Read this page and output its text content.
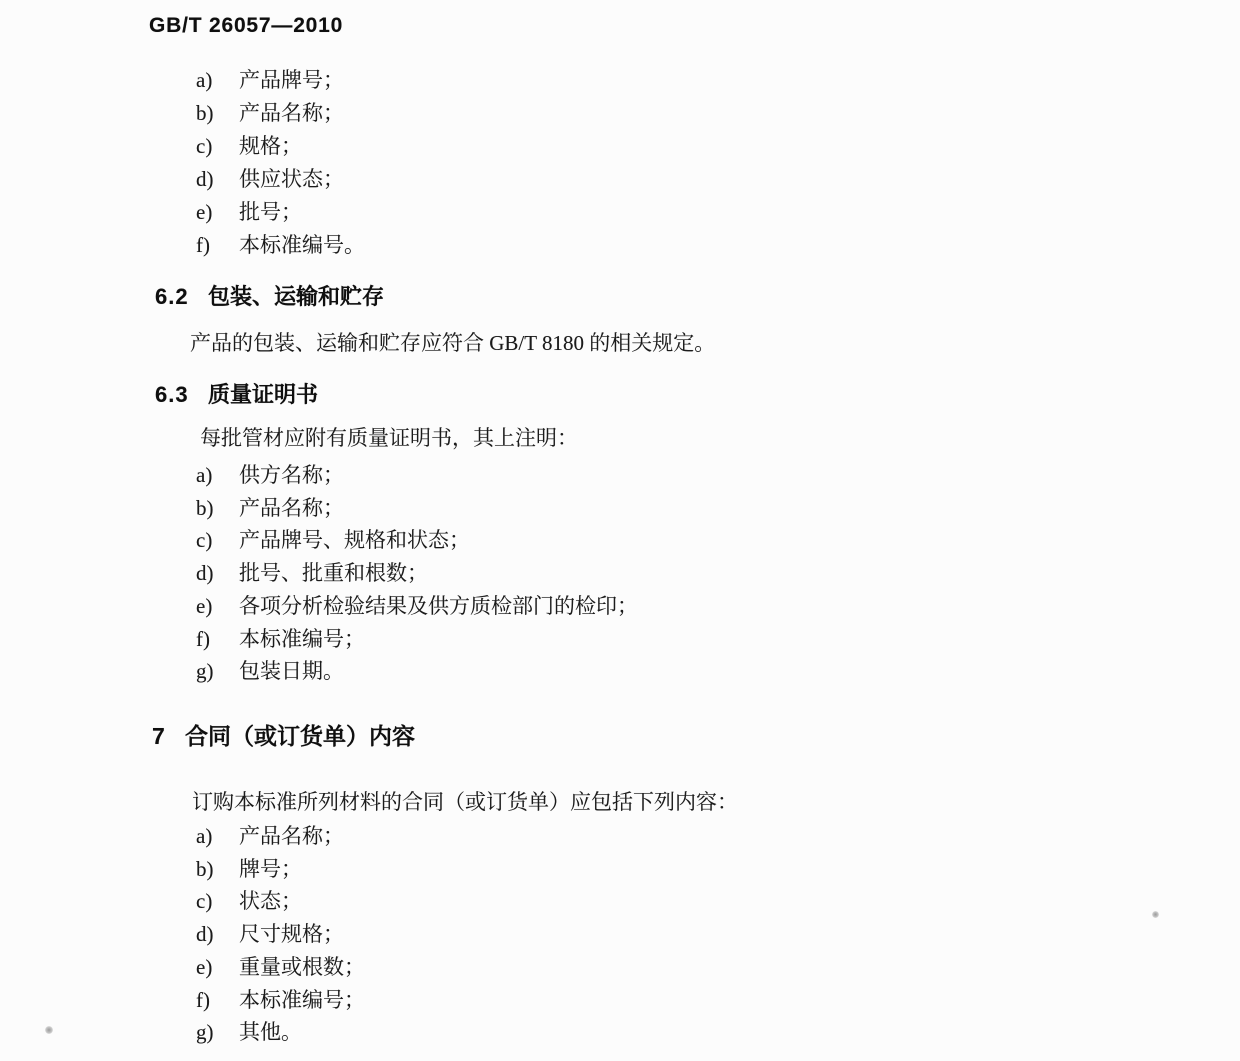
GB/T 26057—2010
a)	产品牌号；
b)	产品名称；
c)	规格；
d)	供应状态；
e)	批号；
f)	本标准编号。
6.2 包装、运输和贮存
产品的包装、运输和贮存应符合 GB/T 8180 的相关规定。
6.3 质量证明书
每批管材应附有质量证明书，其上注明：
a)	供方名称；
b)	产品名称；
c)	产品牌号、规格和状态；
d)	批号、批重和根数；
e)	各项分析检验结果及供方质检部门的检印；
f)	本标准编号；
g)	包装日期。
7 合同（或订货单）内容
订购本标准所列材料的合同（或订货单）应包括下列内容：
a)	产品名称；
b)	牌号；
c)	状态；
d)	尺寸规格；
e)	重量或根数；
f)	本标准编号；
g)	其他。
